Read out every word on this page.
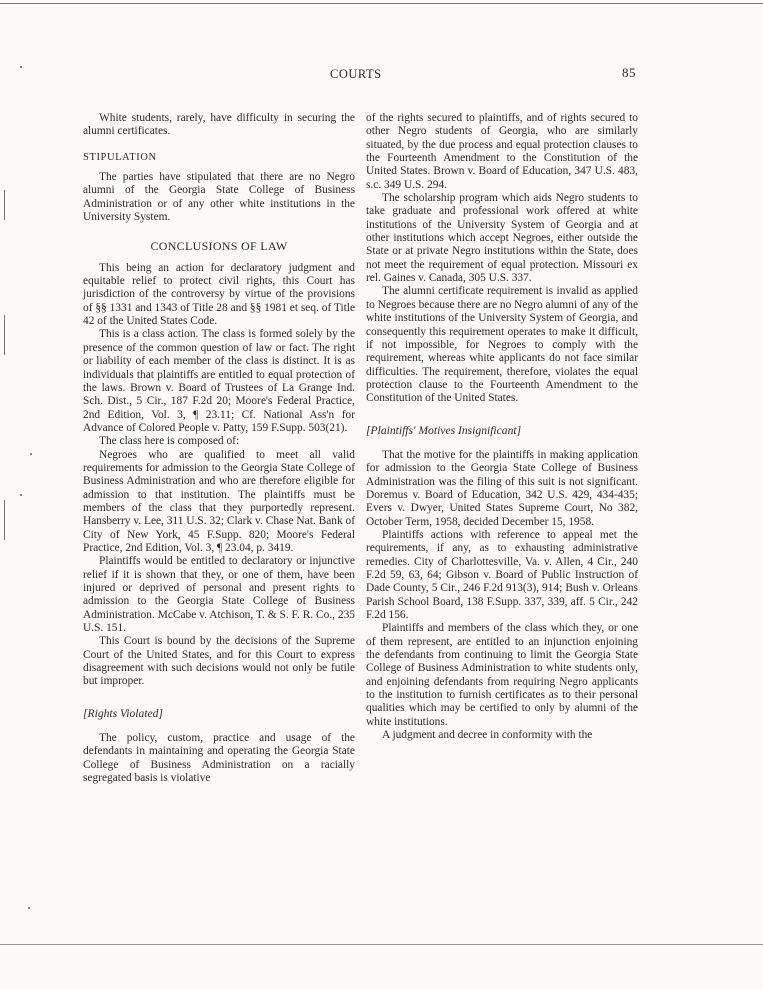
COURTS	85

White students, rarely, have difficulty in securing the alumni certificates.

STIPULATION

The parties have stipulated that there are no Negro alumni of the Georgia State College of Business Administration or of any other white institutions in the University System.

CONCLUSIONS OF LAW

This being an action for declaratory judgment and equitable relief to protect civil rights, this Court has jurisdiction of the controversy by virtue of the provisions of §§ 1331 and 1343 of Title 28 and §§ 1981 et seq. of Title 42 of the United States Code.

This is a class action. The class is formed solely by the presence of the common question of law or fact. The right or liability of each member of the class is distinct. It is as individuals that plaintiffs are entitled to equal protection of the laws. Brown v. Board of Trustees of La Grange Ind. Sch. Dist., 5 Cir., 187 F.2d 20; Moore's Federal Practice, 2nd Edition, Vol. 3, ¶ 23.11; Cf. National Ass'n for Advance of Colored People v. Patty, 159 F.Supp. 503(21).

The class here is composed of:

Negroes who are qualified to meet all valid requirements for admission to the Georgia State College of Business Administration and who are therefore eligible for admission to that institution. The plaintiffs must be members of the class that they purportedly represent. Hansberry v. Lee, 311 U.S. 32; Clark v. Chase Nat. Bank of City of New York, 45 F.Supp. 820; Moore's Federal Practice, 2nd Edition, Vol. 3, ¶ 23.04, p. 3419.

Plaintiffs would be entitled to declaratory or injunctive relief if it is shown that they, or one of them, have been injured or deprived of personal and present rights to admission to the Georgia State College of Business Administration. McCabe v. Atchison, T. & S. F. R. Co., 235 U.S. 151.

This Court is bound by the decisions of the Supreme Court of the United States, and for this Court to express disagreement with such decisions would not only be futile but improper.

[Rights Violated]

The policy, custom, practice and usage of the defendants in maintaining and operating the Georgia State College of Business Administration on a racially segregated basis is violative

of the rights secured to plaintiffs, and of rights secured to other Negro students of Georgia, who are similarly situated, by the due process and equal protection clauses to the Fourteenth Amendment to the Constitution of the United States. Brown v. Board of Education, 347 U.S. 483, s.c. 349 U.S. 294.

The scholarship program which aids Negro students to take graduate and professional work offered at white institutions of the University System of Georgia and at other institutions which accept Negroes, either outside the State or at private Negro institutions within the State, does not meet the requirement of equal protection. Missouri ex rel. Gaines v. Canada, 305 U.S. 337.

The alumni certificate requirement is invalid as applied to Negroes because there are no Negro alumni of any of the white institutions of the University System of Georgia, and consequently this requirement operates to make it difficult, if not impossible, for Negroes to comply with the requirement, whereas white applicants do not face similar difficulties. The requirement, therefore, violates the equal protection clause to the Fourteenth Amendment to the Constitution of the United States.

[Plaintiffs' Motives Insignificant]

That the motive for the plaintiffs in making application for admission to the Georgia State College of Business Administration was the filing of this suit is not significant. Doremus v. Board of Education, 342 U.S. 429, 434-435; Evers v. Dwyer, United States Supreme Court, No 382, October Term, 1958, decided December 15, 1958.

Plaintiffs actions with reference to appeal met the requirements, if any, as to exhausting administrative remedies. City of Charlottesville, Va. v. Allen, 4 Cir., 240 F.2d 59, 63, 64; Gibson v. Board of Public Instruction of Dade County, 5 Cir., 246 F.2d 913(3), 914; Bush v. Orleans Parish School Board, 138 F.Supp. 337, 339, aff. 5 Cir., 242 F.2d 156.

Plaintiffs and members of the class which they, or one of them represent, are entitled to an injunction enjoining the defendants from continuing to limit the Georgia State College of Business Administration to white students only, and enjoining defendants from requiring Negro applicants to the institution to furnish certificates as to their personal qualities which may be certified to only by alumni of the white institutions.

A judgment and decree in conformity with the
